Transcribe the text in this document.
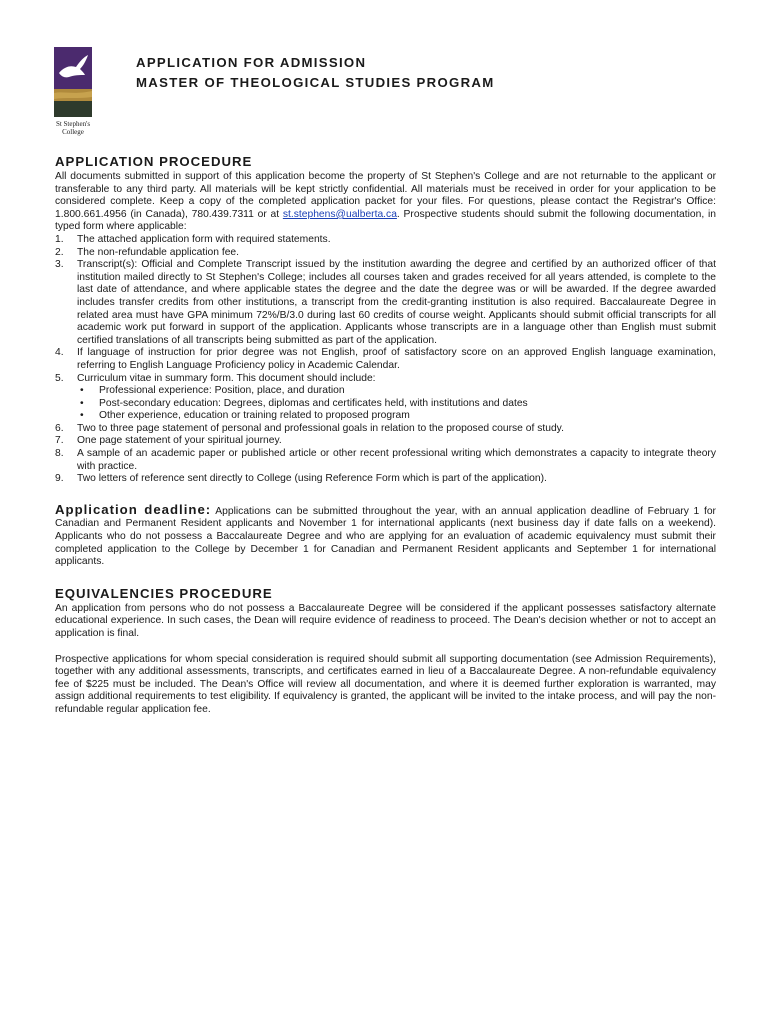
St Stephen's
College
APPLICATION FOR ADMISSION
MASTER OF THEOLOGICAL STUDIES PROGRAM
APPLICATION PROCEDURE

All documents submitted in support of this application become the property of St Stephen's College and are not returnable to the applicant or transferable to any third party. All materials will be kept strictly confidential. All materials must be received in order for your application to be considered complete. Keep a copy of the completed application packet for your files. For questions, please contact the Registrar's Office: 1.800.661.4956 (in Canada), 780.439.7311 or at st.stephens@ualberta.ca. Prospective students should submit the following documentation, in typed form where applicable:

1. The attached application form with required statements.
2. The non-refundable application fee.
3. Transcript(s): Official and Complete Transcript issued by the institution awarding the degree and certified by an authorized officer of that institution mailed directly to St Stephen's College; includes all courses taken and grades received for all years attended, is complete to the last date of attendance, and where applicable states the degree and the date the degree was or will be awarded. If the degree awarded includes transfer credits from other institutions, a transcript from the credit-granting institution is also required. Baccalaureate Degree in related area must have GPA minimum 72%/B/3.0 during last 60 credits of course weight. Applicants should submit official transcripts for all academic work put forward in support of the application. Applicants whose transcripts are in a language other than English must submit certified translations of all transcripts being submitted as part of the application.
4. If language of instruction for prior degree was not English, proof of satisfactory score on an approved English language examination, referring to English Language Proficiency policy in Academic Calendar.
5. Curriculum vitae in summary form. This document should include:
• Professional experience: Position, place, and duration
• Post-secondary education: Degrees, diplomas and certificates held, with institutions and dates
• Other experience, education or training related to proposed program
6. Two to three page statement of personal and professional goals in relation to the proposed course of study.
7. One page statement of your spiritual journey.
8. A sample of an academic paper or published article or other recent professional writing which demonstrates a capacity to integrate theory with practice.
9. Two letters of reference sent directly to College (using Reference Form which is part of the application).

Application deadline: Applications can be submitted throughout the year, with an annual application deadline of February 1 for Canadian and Permanent Resident applicants and November 1 for international applicants (next business day if date falls on a weekend). Applicants who do not possess a Baccalaureate Degree and who are applying for an evaluation of academic equivalency must submit their completed application to the College by December 1 for Canadian and Permanent Resident applicants and September 1 for international applicants.

EQUIVALENCIES PROCEDURE

An application from persons who do not possess a Baccalaureate Degree will be considered if the applicant possesses satisfactory alternate educational experience. In such cases, the Dean will require evidence of readiness to proceed. The Dean's decision whether or not to accept an application is final.

Prospective applications for whom special consideration is required should submit all supporting documentation (see Admission Requirements), together with any additional assessments, transcripts, and certificates earned in lieu of a Baccalaureate Degree. A non-refundable equivalency fee of $225 must be included. The Dean's Office will review all documentation, and where it is deemed further exploration is warranted, may assign additional requirements to test eligibility. If equivalency is granted, the applicant will be invited to the intake process, and will pay the non-refundable regular application fee.
